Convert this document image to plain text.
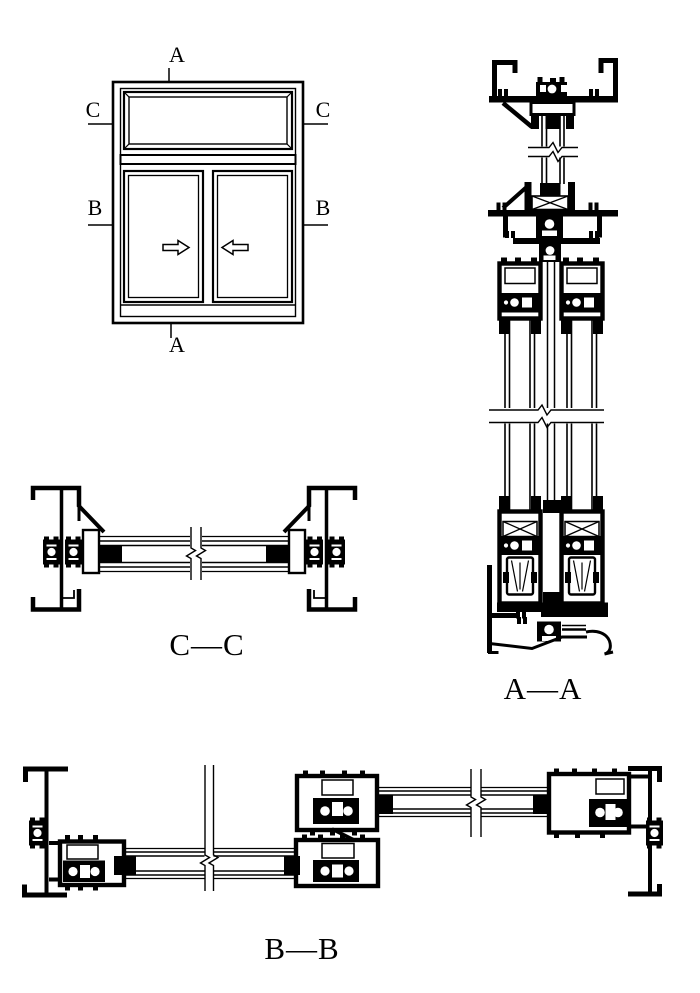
A
C	C
B	B
A
C—C
A—A
B—B
